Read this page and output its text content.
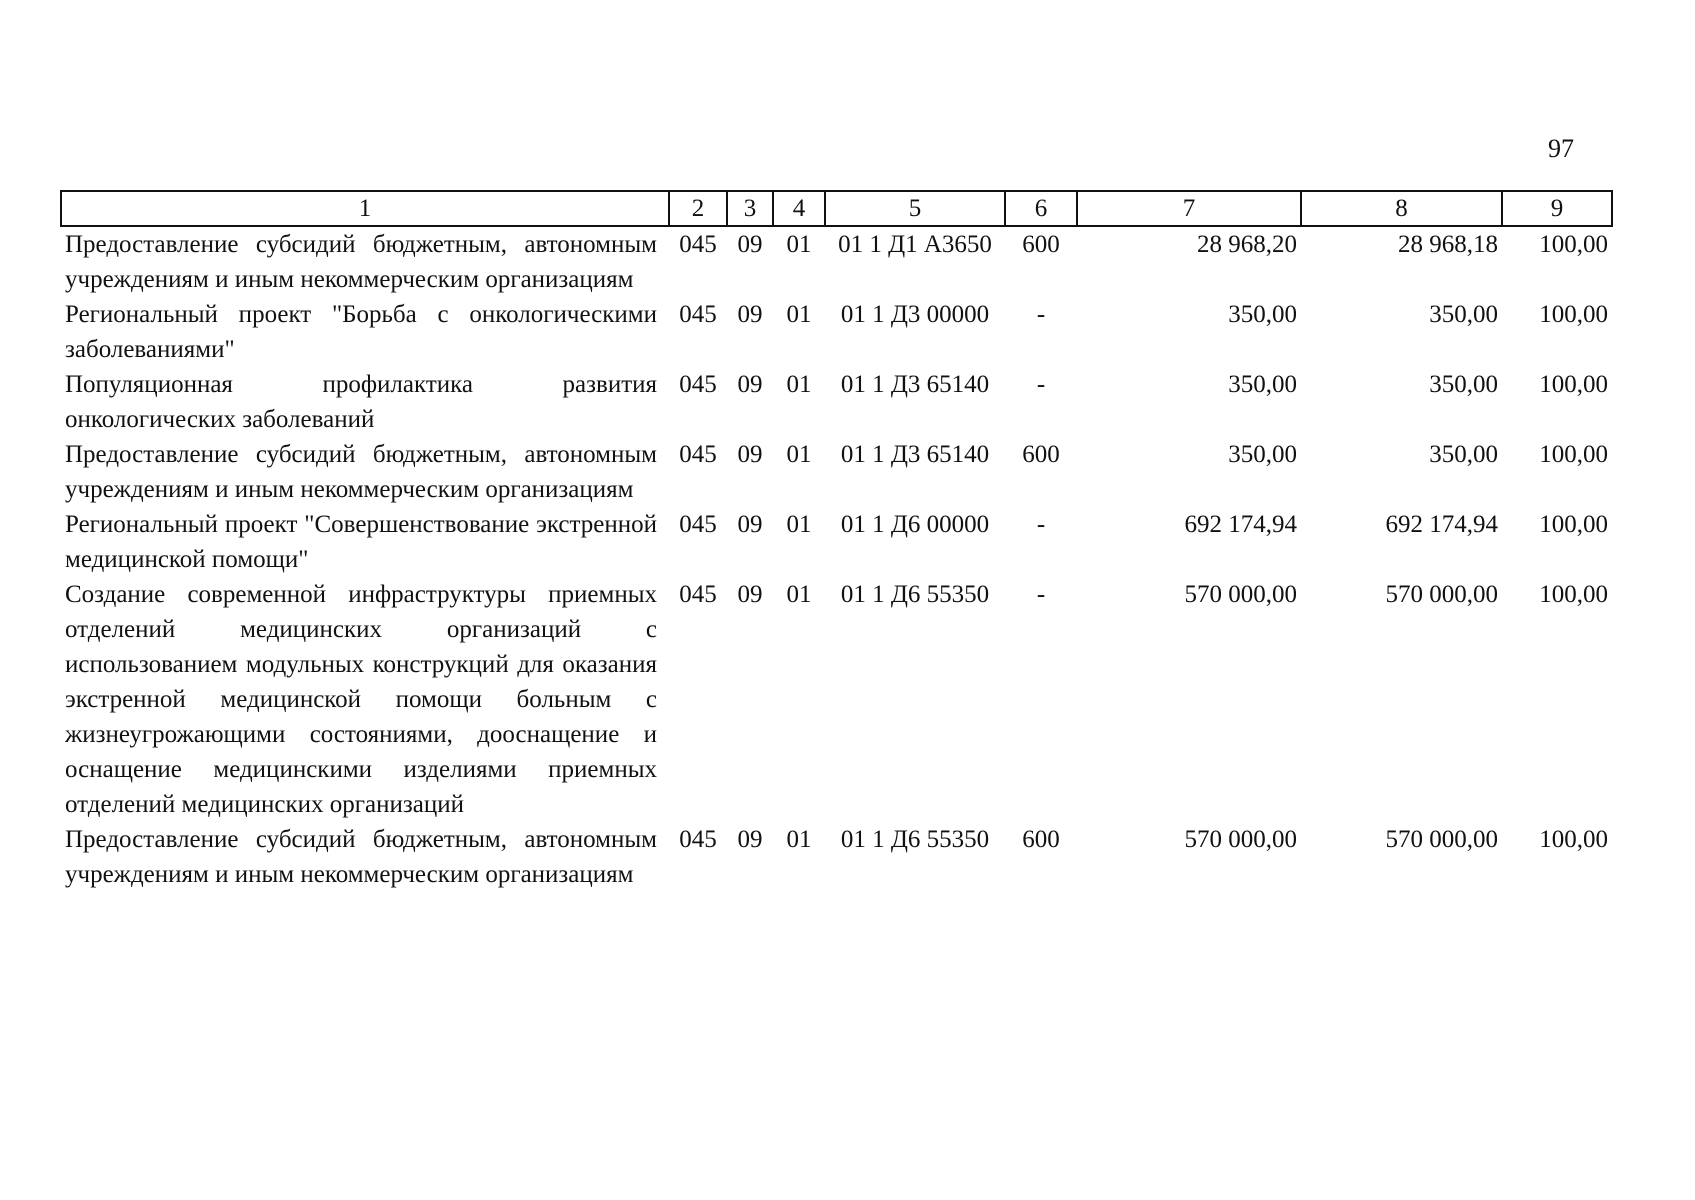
97
1	2	3	4	5	6	7	8	9
Предоставление субсидий бюджетным, автономным учреждениям и иным некоммерческим организациям	045	09	01	01 1 Д1 А3650	600	28 968,20	28 968,18	100,00
Региональный проект "Борьба с онкологическими заболеваниями"	045	09	01	01 1 Д3 00000	-	350,00	350,00	100,00
Популяционная профилактика развития онкологических заболеваний	045	09	01	01 1 Д3 65140	-	350,00	350,00	100,00
Предоставление субсидий бюджетным, автономным учреждениям и иным некоммерческим организациям	045	09	01	01 1 Д3 65140	600	350,00	350,00	100,00
Региональный проект "Совершенствование экстренной медицинской помощи"	045	09	01	01 1 Д6 00000	-	692 174,94	692 174,94	100,00
Создание современной инфраструктуры приемных отделений медицинских организаций с использованием модульных конструкций для оказания экстренной медицинской помощи больным с жизнеугрожающими состояниями, дооснащение и оснащение медицинскими изделиями приемных отделений медицинских организаций	045	09	01	01 1 Д6 55350	-	570 000,00	570 000,00	100,00
Предоставление субсидий бюджетным, автономным учреждениям и иным некоммерческим организациям	045	09	01	01 1 Д6 55350	600	570 000,00	570 000,00	100,00
